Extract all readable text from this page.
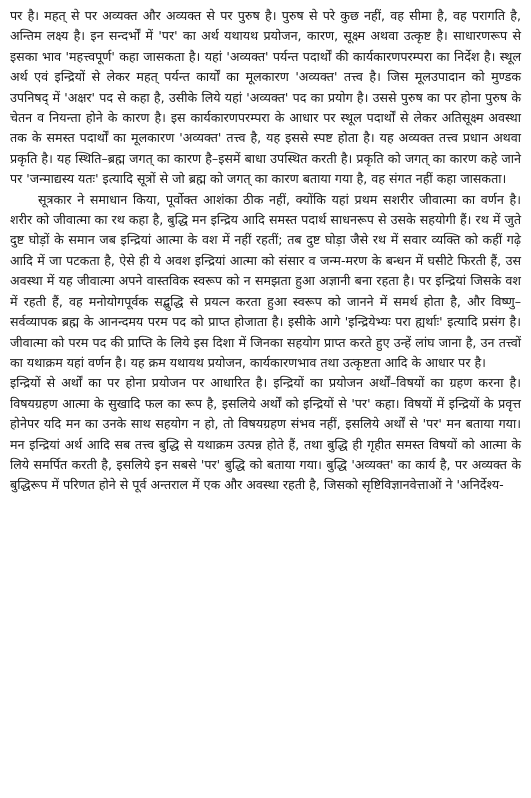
पर है। महत् से पर अव्यक्त और अव्यक्त से पर पुरुष है। पुरुष से परे कुछ नहीं, वह सीमा है, वह परागति है, अन्तिम लक्ष्य है। इन सन्दर्भों में 'पर' का अर्थ यथायथ प्रयोजन, कारण, सूक्ष्म अथवा उत्कृष्ट है। साधारणरूप से इसका भाव 'महत्त्वपूर्ण' कहा जासकता है। यहां 'अव्यक्त' पर्यन्त पदार्थों की कार्यकारणपरम्परा का निर्देश है। स्थूल अर्थ एवं इन्द्रियों से लेकर महत् पर्यन्त कार्यों का मूलकारण 'अव्यक्त' तत्त्व है। जिस मूलउपादान को मुण्डक उपनिषद् में 'अक्षर' पद से कहा है, उसीके लिये यहां 'अव्यक्त' पद का प्रयोग है। उससे पुरुष का पर होना पुरुष के चेतन व नियन्ता होने के कारण है। इस कार्यकारणपरम्परा के आधार पर स्थूल पदार्थों से लेकर अतिसूक्ष्म अवस्था तक के समस्त पदार्थों का मूलकारण 'अव्यक्त' तत्त्व है, यह इससे स्पष्ट होता है। यह अव्यक्त तत्त्व प्रधान अथवा प्रकृति है। यह स्थिति–ब्रह्म जगत् का कारण है–इसमें बाधा उपस्थित करती है। प्रकृति को जगत् का कारण कहे जाने पर 'जन्माद्यस्य यतः' इत्यादि सूत्रों से जो ब्रह्म को जगत् का कारण बताया गया है, वह संगत नहीं कहा जासकता।

सूत्रकार ने समाधान किया, पूर्वोक्त आशंका ठीक नहीं, क्योंकि यहां प्रथम सशरीर जीवात्मा का वर्णन है। शरीर को जीवात्मा का रथ कहा है, बुद्धि मन इन्द्रिय आदि समस्त पदार्थ साधनरूप से उसके सहयोगी हैं। रथ में जुते दुष्ट घोड़ों के समान जब इन्द्रियां आत्मा के वश में नहीं रहतीं; तब दुष्ट घोड़ा जैसे रथ में सवार व्यक्ति को कहीं गढ़े आदि में जा पटकता है, ऐसे ही ये अवश इन्द्रियां आत्मा को संसार व जन्म-मरण के बन्धन में घसीटे फिरती हैं, उस अवस्था में यह जीवात्मा अपने वास्तविक स्वरूप को न समझता हुआ अज्ञानी बना रहता है। पर इन्द्रियां जिसके वश में रहती हैं, वह मनोयोगपूर्वक सद्बुद्धि से प्रयत्न करता हुआ स्वरूप को जानने में समर्थ होता है, और विष्णु–सर्वव्यापक ब्रह्म के आनन्दमय परम पद को प्राप्त होजाता है। इसीके आगे 'इन्द्रियेभ्यः परा ह्यर्थाः' इत्यादि प्रसंग है। जीवात्मा को परम पद की प्राप्ति के लिये इस दिशा में जिनका सहयोग प्राप्त करते हुए उन्हें लांघ जाना है, उन तत्त्वों का यथाक्रम यहां वर्णन है। यह क्रम यथायथ प्रयोजन, कार्यकारणभाव तथा उत्कृष्टता आदि के आधार पर है।

इन्द्रियों से अर्थों का पर होना प्रयोजन पर आधारित है। इन्द्रियों का प्रयोजन अर्थों–विषयों का ग्रहण करना है। विषयग्रहण आत्मा के सुखादि फल का रूप है, इसलिये अर्थों को इन्द्रियों से 'पर' कहा। विषयों में इन्द्रियों के प्रवृत्त होनेपर यदि मन का उनके साथ सहयोग न हो, तो विषयग्रहण संभव नहीं, इसलिये अर्थों से 'पर' मन बताया गया। मन इन्द्रियां अर्थ आदि सब तत्त्व बुद्धि से यथाक्रम उत्पन्न होते हैं, तथा बुद्धि ही गृहीत समस्त विषयों को आत्मा के लिये समर्पित करती है, इसलिये इन सबसे 'पर' बुद्धि को बताया गया। बुद्धि 'अव्यक्त' का कार्य है, पर अव्यक्त के बुद्धिरूप में परिणत होने से पूर्व अन्तराल में एक और अवस्था रहती है, जिसको सृष्टिविज्ञानवेत्ताओं ने 'अनिर्देश्य-
